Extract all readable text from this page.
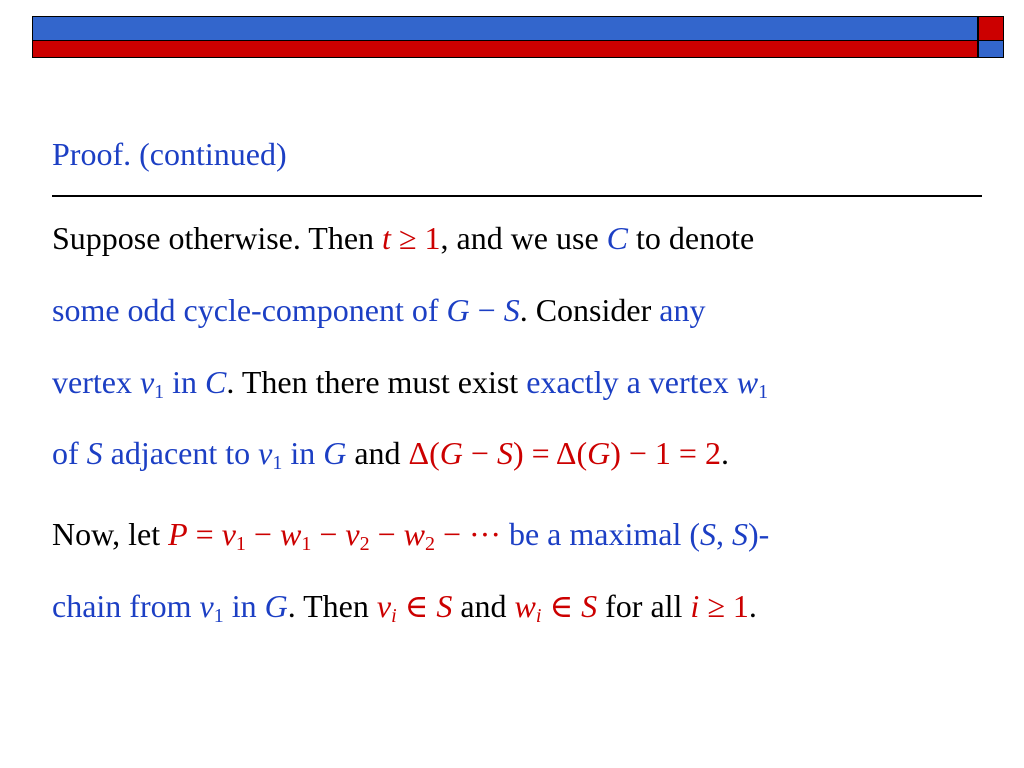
Proof. (continued)
Suppose otherwise. Then t ≥ 1, and we use C to denote
some odd cycle-component of G − S. Consider any
vertex $v_1$ in C. Then there must exist exactly a vertex $w_1$
of S adjacent to $v_1$ in G and Δ(G − S) = Δ(G) − 1 = 2.
Now, let $P = v_1 - w_1 - v_2 - w_2$ − ··· be a maximal (S, S)-
chain from $v_1$ in G. Then $v_i$ ∈ S and $w_i$ ∈ S for all i ≥ 1.
